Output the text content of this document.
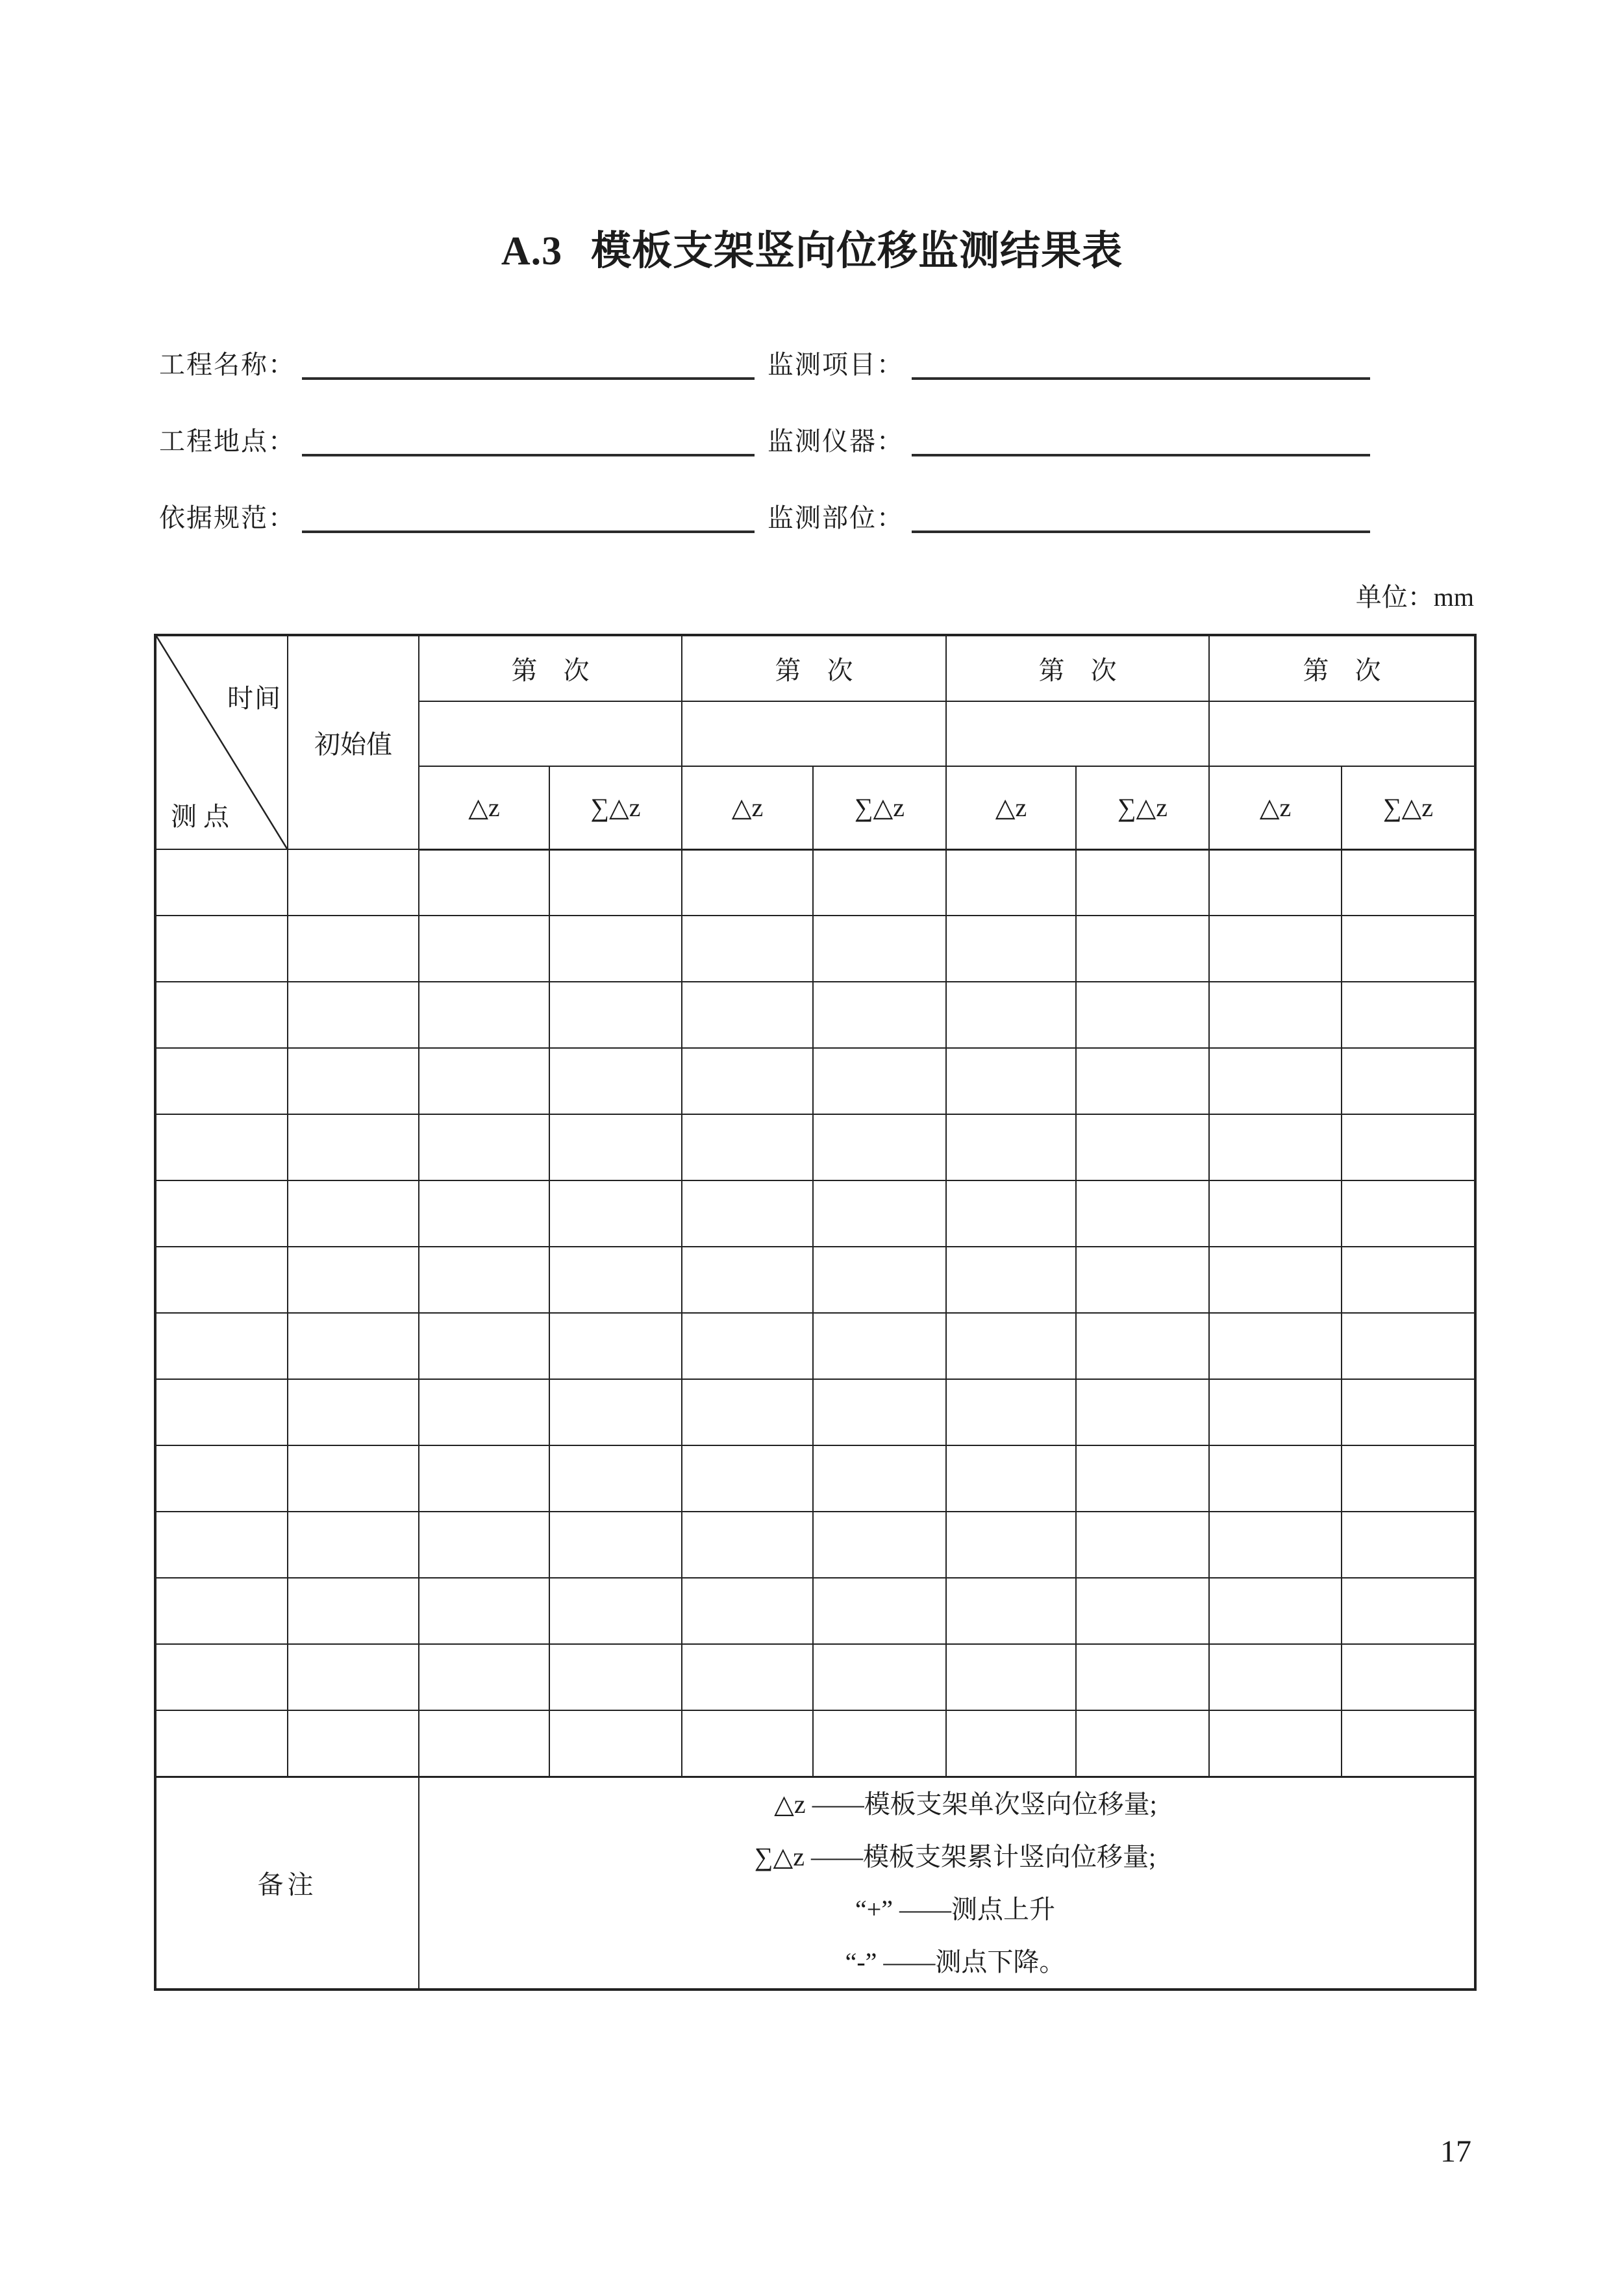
A.3 模板支架竖向位移监测结果表
工程名称：	监测项目：
工程地点：	监测仪器：
依据规范：	监测部位：
单位：mm
时间
测点	初始值	第　次		第　次		第　次		第　次	

		△z	∑△z	△z	∑△z	△z	∑△z	△z	∑△z

备注		△z ——模板支架单次竖向位移量;
∑△z ——模板支架累计竖向位移量;
“+” ——测点上升
“-” ——测点下降。							
17
